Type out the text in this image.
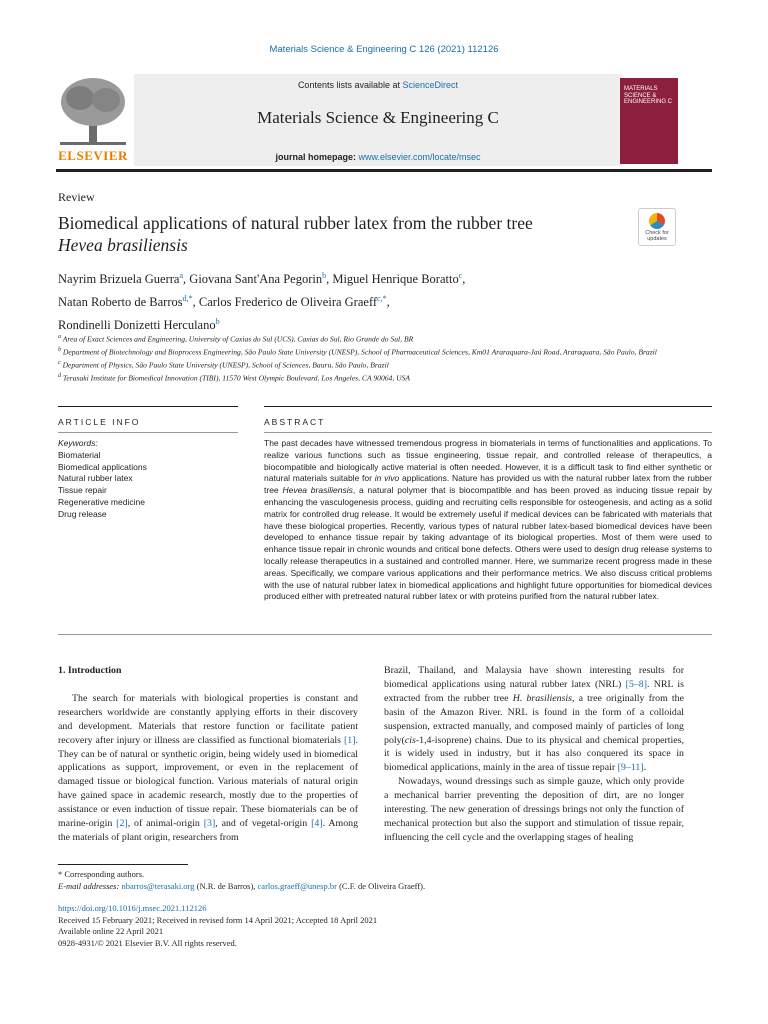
Materials Science & Engineering C 126 (2021) 112126
ELSEVIER
Contents lists available at ScienceDirect
Materials Science & Engineering C
journal homepage: www.elsevier.com/locate/msec
MATERIALS SCIENCE & ENGINEERING C
Review
Biomedical applications of natural rubber latex from the rubber tree
Hevea brasiliensis
Check for updates
Nayrim Brizuela Guerra$^a$, Giovana Sant'Ana Pegorin$^b$, Miguel Henrique Boratto$^c$,
Natan Roberto de Barros$^{d,*}$, Carlos Frederico de Oliveira Graeff$^{c,*}$,
Rondinelli Donizetti Herculano$^b$
$^a$ Area of Exact Sciences and Engineering, University of Caxias do Sul (UCS), Caxias do Sul, Rio Grande do Sul, BR
$^b$ Department of Biotechnology and Bioprocess Engineering, São Paulo State University (UNESP), School of Pharmaceutical Sciences, Km01 Araraquara-Jaú Road, Araraquara, São Paulo, Brazil
$^c$ Department of Physics, São Paulo State University (UNESP), School of Sciences, Bauru, São Paulo, Brazil
$^d$ Terasaki Institute for Biomedical Innovation (TIBI), 11570 West Olympic Boulevard, Los Angeles, CA 90064, USA
ARTICLE INFO	ABSTRACT
Keywords:
Biomaterial
Biomedical applications
Natural rubber latex
Tissue repair
Regenerative medicine
Drug release
The past decades have witnessed tremendous progress in biomaterials in terms of functionalities and applications. To realize various functions such as tissue engineering, tissue repair, and controlled release of therapeutics, a biocompatible and biologically active material is often needed. However, it is a difficult task to find either synthetic or natural materials suitable for in vivo applications. Nature has provided us with the natural rubber latex from the rubber tree Hevea brasiliensis, a natural polymer that is biocompatible and has been proved as inducing tissue repair by enhancing the vasculogenesis process, guiding and recruiting cells responsible for osteogenesis, and acting as a solid matrix for controlled drug release. It would be extremely useful if medical devices can be fabricated with materials that have these biological properties. Recently, various types of natural rubber latex-based biomedical devices have been developed to enhance tissue repair by taking advantage of its biological properties. Most of them were used to enhance tissue repair in chronic wounds and critical bone defects. Others were used to design drug release systems to locally release therapeutics in a sustained and controlled manner. Here, we summarize recent progress made in these areas. Specifically, we compare various applications and their performance metrics. We also discuss critical problems with the use of natural rubber latex in biomedical applications and highlight future opportunities for biomedical devices produced either with pretreated natural rubber latex or with proteins purified from the natural rubber latex.
1. Introduction
The search for materials with biological properties is constant and researchers worldwide are constantly applying efforts in their discovery and development. Materials that restore function or facilitate patient recovery after injury or illness are classified as functional biomaterials [1]. They can be of natural or synthetic origin, being widely used in biomedical applications as support, improvement, or even in the replacement of damaged tissue or biological function. Various materials of natural origin have gained space in academic research, mostly due to the properties of assistance or even induction of tissue repair. These biomaterials can be of marine-origin [2], of animal-origin [3], and of vegetal-origin [4]. Among the materials of plant origin, researchers from
Brazil, Thailand, and Malaysia have shown interesting results for biomedical applications using natural rubber latex (NRL) [5–8]. NRL is extracted from the rubber tree H. brasiliensis, a tree originally from the basin of the Amazon River. NRL is found in the form of a colloidal suspension, extracted manually, and composed mainly of particles of long poly(cis-1,4-isoprene) chains. Due to its physical and chemical properties, it is widely used in industry, but it has also conquered its space in biomedical applications, mainly in the area of tissue repair [9–11].
Nowadays, wound dressings such as simple gauze, which only provide a mechanical barrier preventing the deposition of dirt, are no longer interesting. The new generation of dressings brings not only the function of mechanical protection but also the support and stimulation of tissue repair, influencing the cell cycle and the overlapping stages of healing
* Corresponding authors.
E-mail addresses: nbarros@terasaki.org (N.R. de Barros), carlos.graeff@unesp.br (C.F. de Oliveira Graeff).
https://doi.org/10.1016/j.msec.2021.112126
Received 15 February 2021; Received in revised form 14 April 2021; Accepted 18 April 2021
Available online 22 April 2021
0928-4931/© 2021 Elsevier B.V. All rights reserved.
